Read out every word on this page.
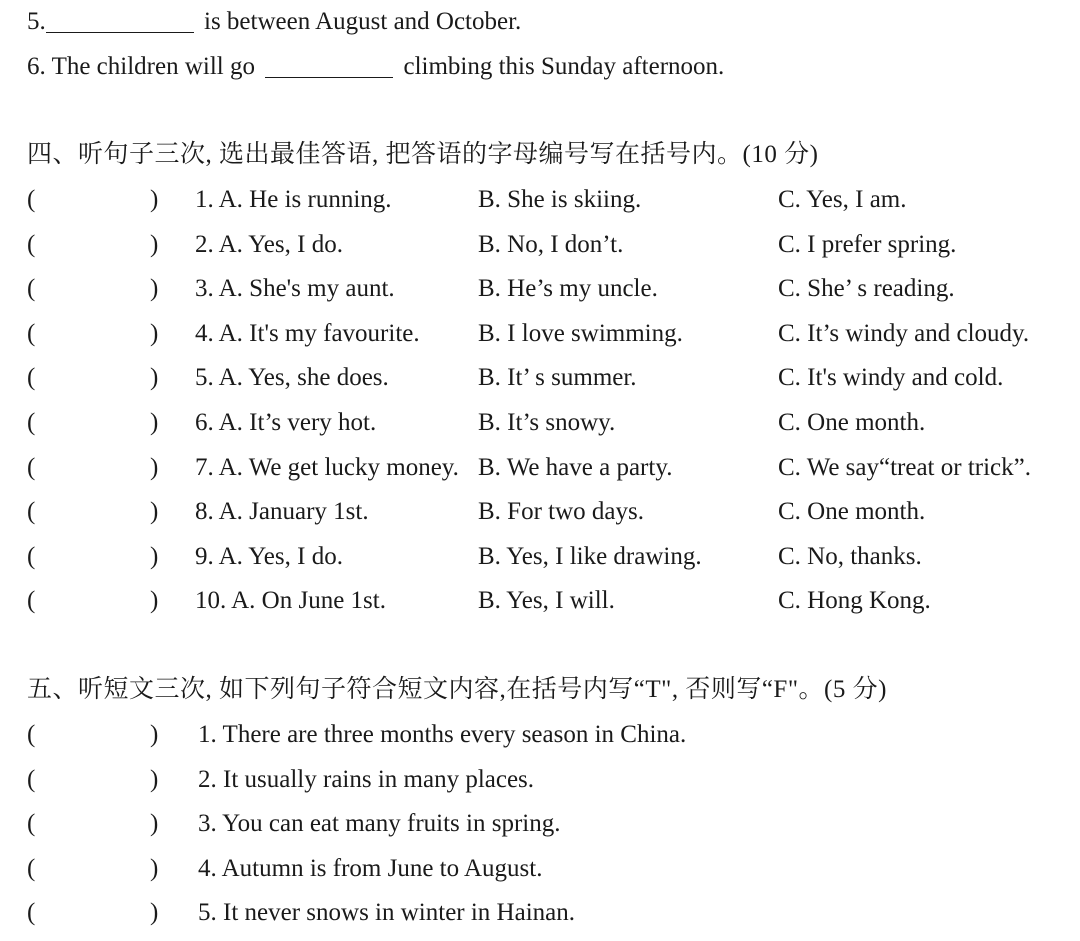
5.	is between August and October.
6. The children will go	climbing this Sunday afternoon.
四、听句子三次, 选出最佳答语, 把答语的字母编号写在括号内。(10 分)
(	) 1. A. He is running.	B. She is skiing.	C. Yes, I am.
(	) 2. A. Yes, I do.	B. No, I don’t.	C. I prefer spring.
(	) 3. A. She's my aunt.	B. He’s my uncle.	C. She’ s reading.
(	) 4. A. It's my favourite. B. I love swimming.	C. It’s windy and cloudy.
(	) 5. A. Yes, she does.	B. It’ s summer.	C. It's windy and cold.
(	) 6. A. It’s very hot.	B. It’s snowy.	C. One month.
(	) 7. A. We get lucky money. B. We have a party.	C. We say“treat or trick”.
(	) 8. A. January 1st.	B. For two days.	C. One month.
(	) 9. A. Yes, I do.	B. Yes, I like drawing.	C. No, thanks.
(	) 10. A. On June 1st.	B. Yes, I will.	C. Hong Kong.
五、听短文三次, 如下列句子符合短文内容,在括号内写“T", 否则写“F"。(5 分)
(	) 1. There are three months every season in China.
(	) 2. It usually rains in many places.
(	) 3. You can eat many fruits in spring.
(	) 4. Autumn is from June to August.
(	) 5. It never snows in winter in Hainan.
